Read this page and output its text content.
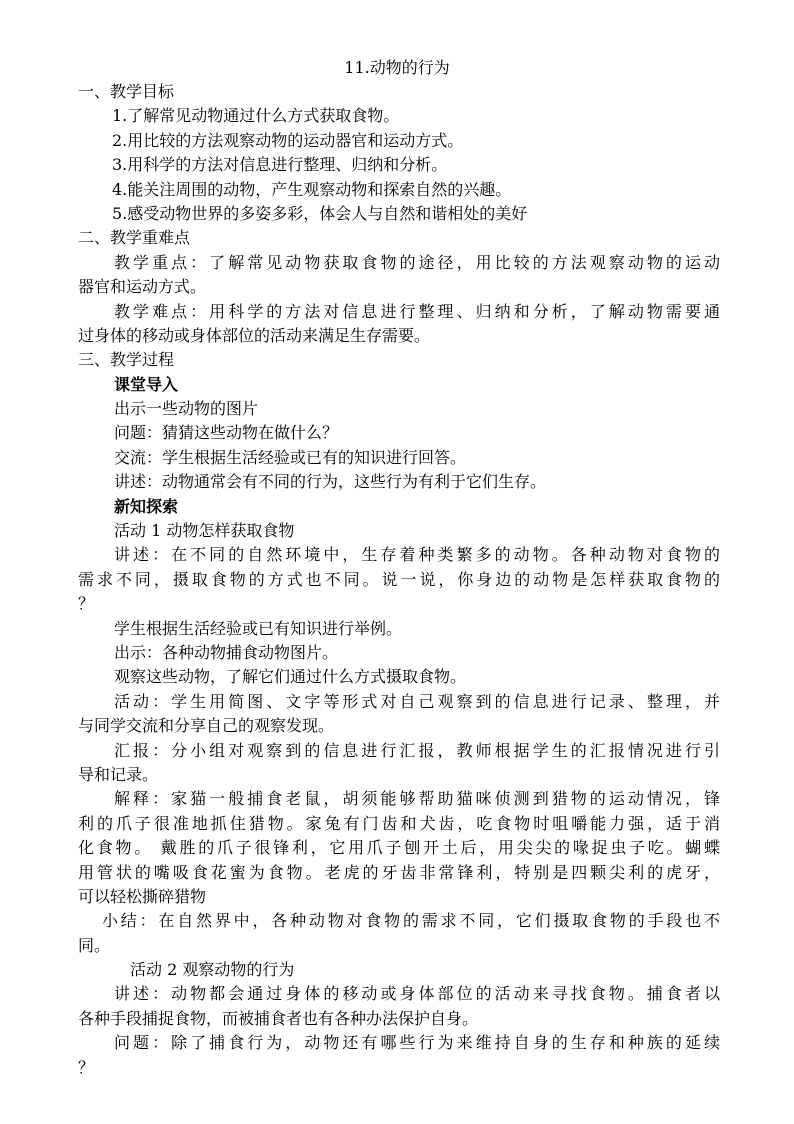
11.动物的行为
一、教学目标
1.了解常见动物通过什么方式获取食物。
2.用比较的方法观察动物的运动器官和运动方式。
3.用科学的方法对信息进行整理、归纳和分析。
4.能关注周围的动物，产生观察动物和探索自然的兴趣。
5.感受动物世界的多姿多彩，体会人与自然和谐相处的美好
二、教学重难点
教学重点：了解常见动物获取食物的途径，用比较的方法观察动物的运动
器官和运动方式。
教学难点：用科学的方法对信息进行整理、归纳和分析，了解动物需要通
过身体的移动或身体部位的活动来满足生存需要。
三、教学过程
课堂导入
出示一些动物的图片
问题：猜猜这些动物在做什么？
交流：学生根据生活经验或已有的知识进行回答。
讲述：动物通常会有不同的行为，这些行为有利于它们生存。
新知探索
活动 1 动物怎样获取食物
讲述：在不同的自然环境中，生存着种类繁多的动物。各种动物对食物的
需求不同，摄取食物的方式也不同。说一说，你身边的动物是怎样获取食物的
？
学生根据生活经验或已有知识进行举例。
出示：各种动物捕食动物图片。
观察这些动物，了解它们通过什么方式摄取食物。
活动：学生用简图、文字等形式对自己观察到的信息进行记录、整理，并
与同学交流和分享自己的观察发现。
汇报：分小组对观察到的信息进行汇报，教师根据学生的汇报情况进行引
导和记录。
解释：家猫一般捕食老鼠，胡须能够帮助猫咪侦测到猎物的运动情况，锋
利的爪子很准地抓住猎物。家兔有门齿和犬齿，吃食物时咀嚼能力强，适于消
化食物。 戴胜的爪子很锋利，它用爪子刨开土后，用尖尖的喙捉虫子吃。蝴蝶
用管状的嘴吸食花蜜为食物。老虎的牙齿非常锋利，特别是四颗尖利的虎牙，
可以轻松撕碎猎物
小结：在自然界中，各种动物对食物的需求不同，它们摄取食物的手段也不
同。
活动 2 观察动物的行为
讲述：动物都会通过身体的移动或身体部位的活动来寻找食物。捕食者以
各种手段捕捉食物，而被捕食者也有各种办法保护自身。
问题：除了捕食行为，动物还有哪些行为来维持自身的生存和种族的延续
？
